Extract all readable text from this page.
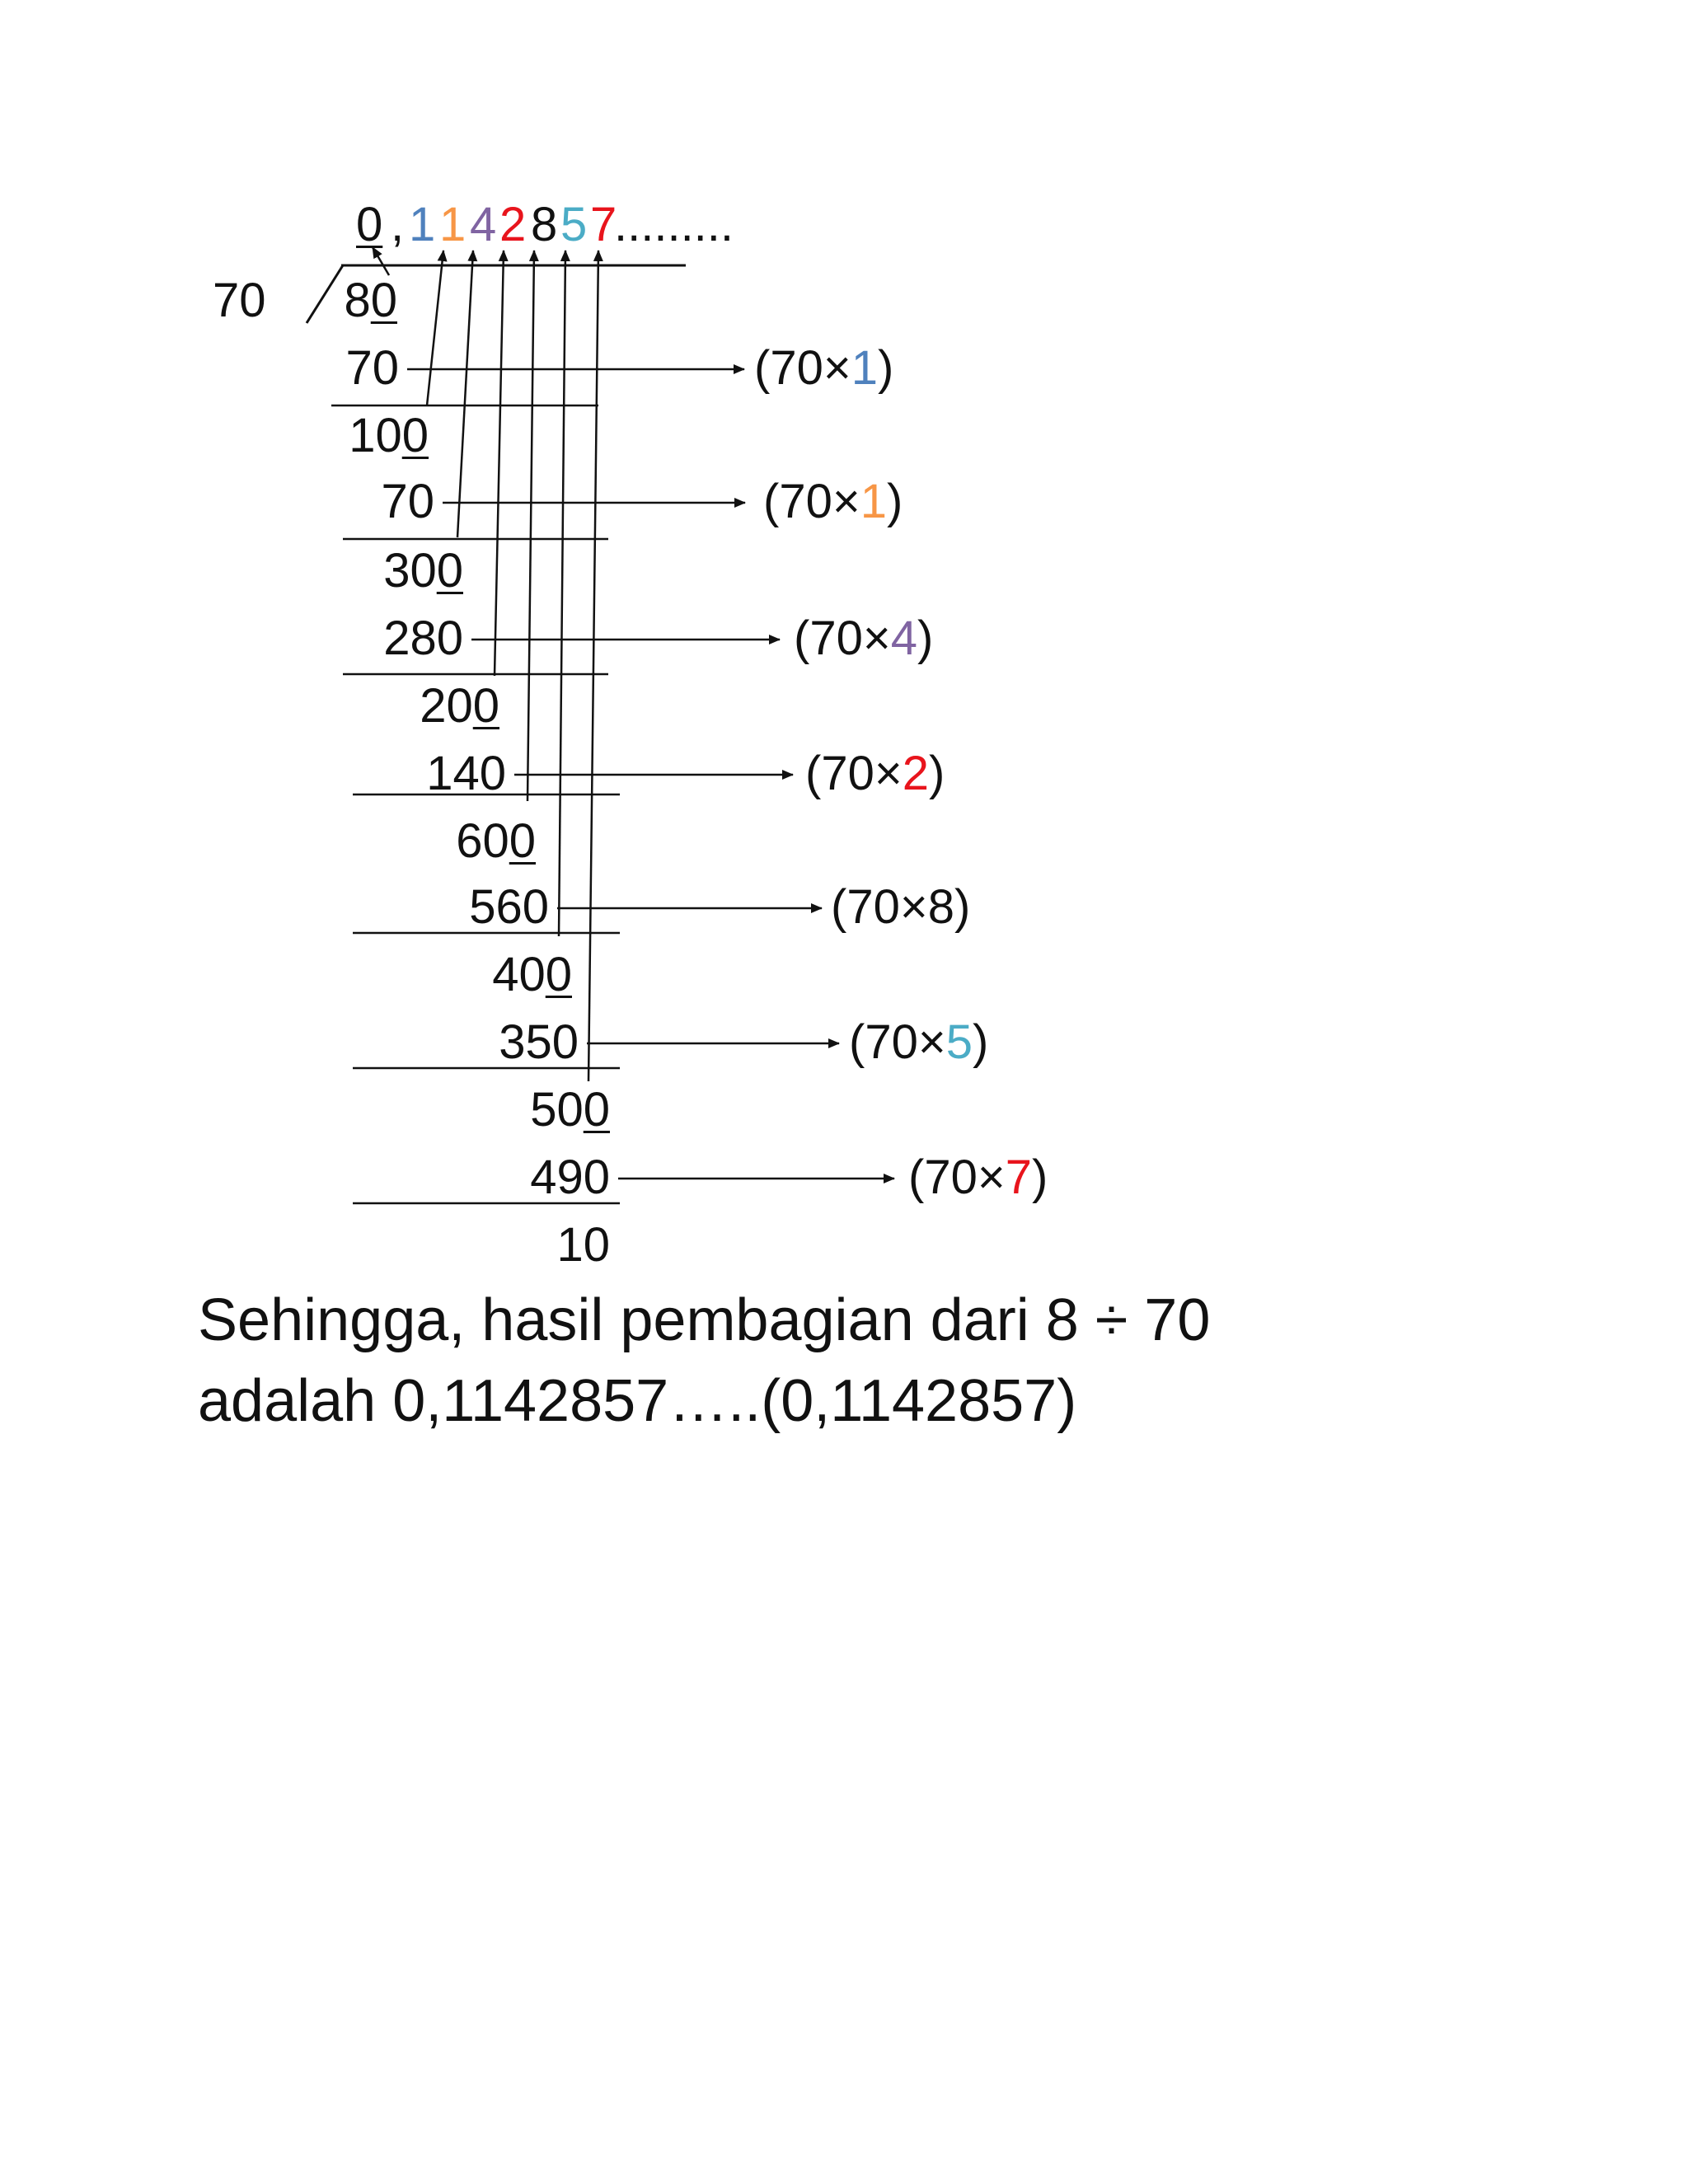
70
0 , 1 1 4 2 8 5 7
.........
80
70	(70×1)
100
70	(70×1)
300
280	(70×4)
200
140	(70×2)
600
560	(70×8)
400
350	(70×5)
500
490	(70×7)
10
Sehingga, hasil pembagian dari 8 ÷ 70
adalah 0,1142857…..(0,1142857)
